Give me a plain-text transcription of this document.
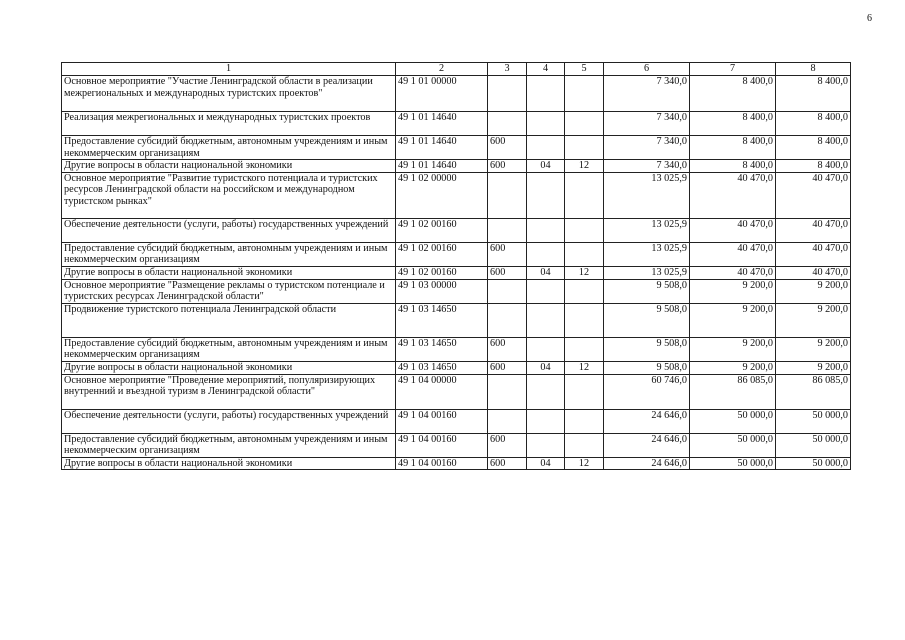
6
1	2	3	4	5	6	7	8
Основное мероприятие "Участие Ленинградской области в реализации межрегиональных и международных туристских проектов"	49 1 01 00000				7 340,0	8 400,0	8 400,0
Реализация межрегиональных и международных туристских проектов	49 1 01 14640				7 340,0	8 400,0	8 400,0
Предоставление субсидий бюджетным, автономным учреждениям и иным некоммерческим организациям	49 1 01 14640	600			7 340,0	8 400,0	8 400,0
Другие вопросы в области национальной экономики	49 1 01 14640	600	04	12	7 340,0	8 400,0	8 400,0
Основное мероприятие "Развитие туристского потенциала и туристских ресурсов Ленинградской области на российском и международном туристском рынках"	49 1 02 00000				13 025,9	40 470,0	40 470,0
Обеспечение деятельности (услуги, работы) государственных учреждений	49 1 02 00160				13 025,9	40 470,0	40 470,0
Предоставление субсидий бюджетным, автономным учреждениям и иным некоммерческим организациям	49 1 02 00160	600			13 025,9	40 470,0	40 470,0
Другие вопросы в области национальной экономики	49 1 02 00160	600	04	12	13 025,9	40 470,0	40 470,0
Основное мероприятие "Размещение рекламы о туристском потенциале и туристских ресурсах Ленинградской области"	49 1 03 00000				9 508,0	9 200,0	9 200,0
Продвижение туристского потенциала Ленинградской области	49 1 03 14650				9 508,0	9 200,0	9 200,0
Предоставление субсидий бюджетным, автономным учреждениям и иным некоммерческим организациям	49 1 03 14650	600			9 508,0	9 200,0	9 200,0
Другие вопросы в области национальной экономики	49 1 03 14650	600	04	12	9 508,0	9 200,0	9 200,0
Основное мероприятие "Проведение мероприятий, популяризирующих внутренний и въездной туризм в Ленинградской области"	49 1 04 00000				60 746,0	86 085,0	86 085,0
Обеспечение деятельности (услуги, работы) государственных учреждений	49 1 04 00160				24 646,0	50 000,0	50 000,0
Предоставление субсидий бюджетным, автономным учреждениям и иным некоммерческим организациям	49 1 04 00160	600			24 646,0	50 000,0	50 000,0
Другие вопросы в области национальной экономики	49 1 04 00160	600	04	12	24 646,0	50 000,0	50 000,0
